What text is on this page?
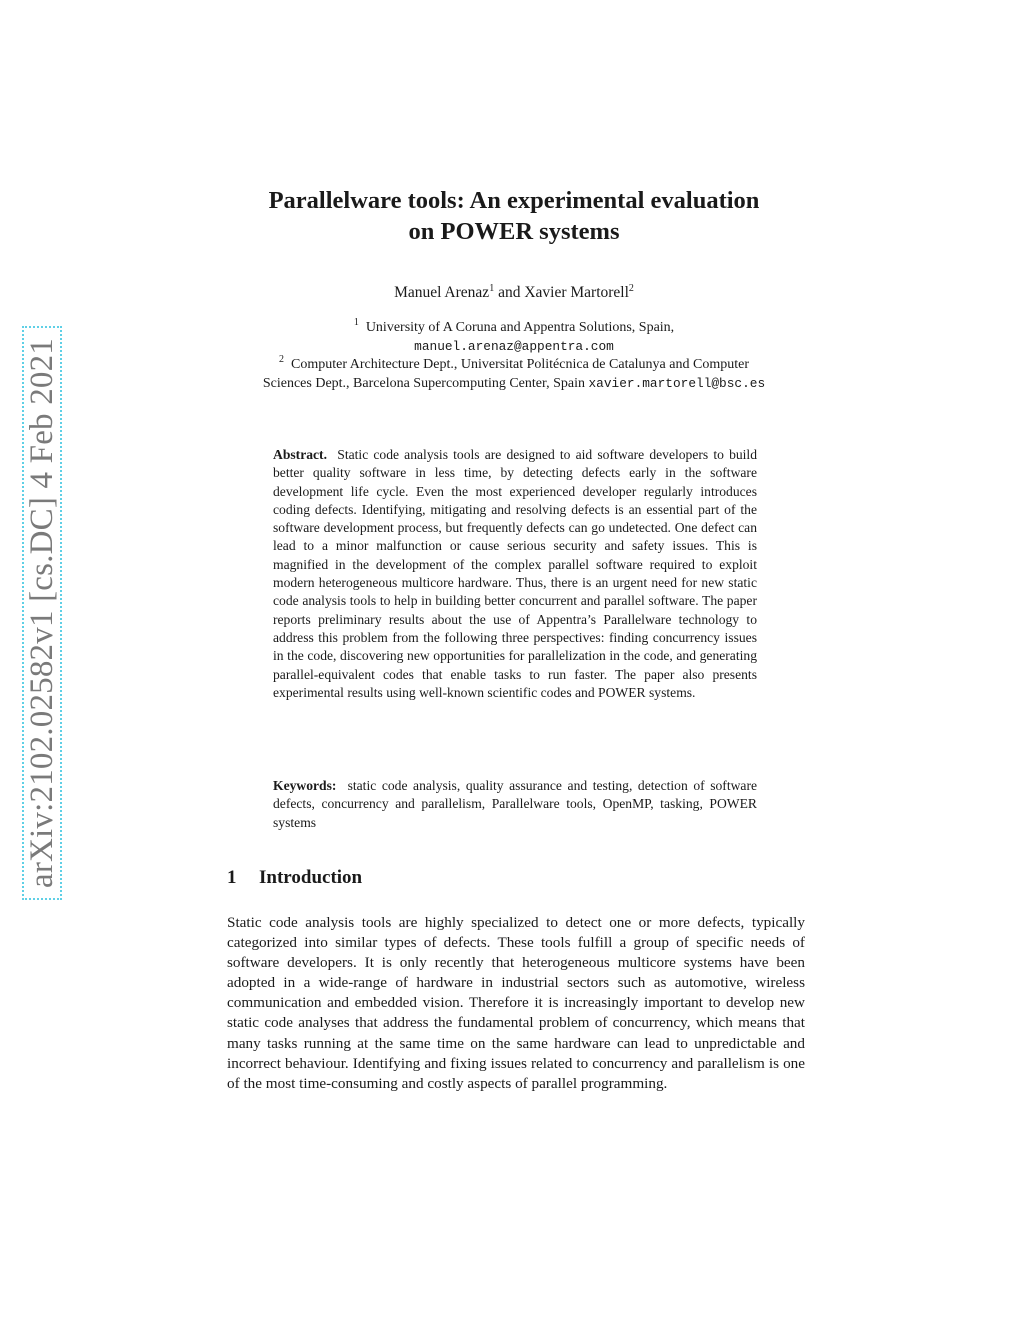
arXiv:2102.02582v1 [cs.DC] 4 Feb 2021
Parallelware tools: An experimental evaluation
on POWER systems
Manuel Arenaz$^1$ and Xavier Martorell$^2$
$^1$ University of A Coruna and Appentra Solutions, Spain,
manuel.arenaz@appentra.com
$^2$ Computer Architecture Dept., Universitat Politécnica de Catalunya and Computer
Sciences Dept., Barcelona Supercomputing Center, Spain xavier.martorell@bsc.es
Abstract. Static code analysis tools are designed to aid software developers to build better quality software in less time, by detecting defects early in the software development life cycle. Even the most experienced developer regularly introduces coding defects. Identifying, mitigating and resolving defects is an essential part of the software development process, but frequently defects can go undetected. One defect can lead to a minor malfunction or cause serious security and safety issues. This is magnified in the development of the complex parallel software required to exploit modern heterogeneous multicore hardware. Thus, there is an urgent need for new static code analysis tools to help in building better concurrent and parallel software. The paper reports preliminary results about the use of Appentra’s Parallelware technology to address this problem from the following three perspectives: finding concurrency issues in the code, discovering new opportunities for parallelization in the code, and generating parallel-equivalent codes that enable tasks to run faster. The paper also presents experimental results using well-known scientific codes and POWER systems.
Keywords: static code analysis, quality assurance and testing, detection of software defects, concurrency and parallelism, Parallelware tools, OpenMP, tasking, POWER systems
1 Introduction
Static code analysis tools are highly specialized to detect one or more defects, typically categorized into similar types of defects. These tools fulfill a group of specific needs of software developers. It is only recently that heterogeneous multicore systems have been adopted in a wide-range of hardware in industrial sectors such as automotive, wireless communication and embedded vision. Therefore it is increasingly important to develop new static code analyses that address the fundamental problem of concurrency, which means that many tasks running at the same time on the same hardware can lead to unpredictable and incorrect behaviour. Identifying and fixing issues related to concurrency and parallelism is one of the most time-consuming and costly aspects of parallel programming.
